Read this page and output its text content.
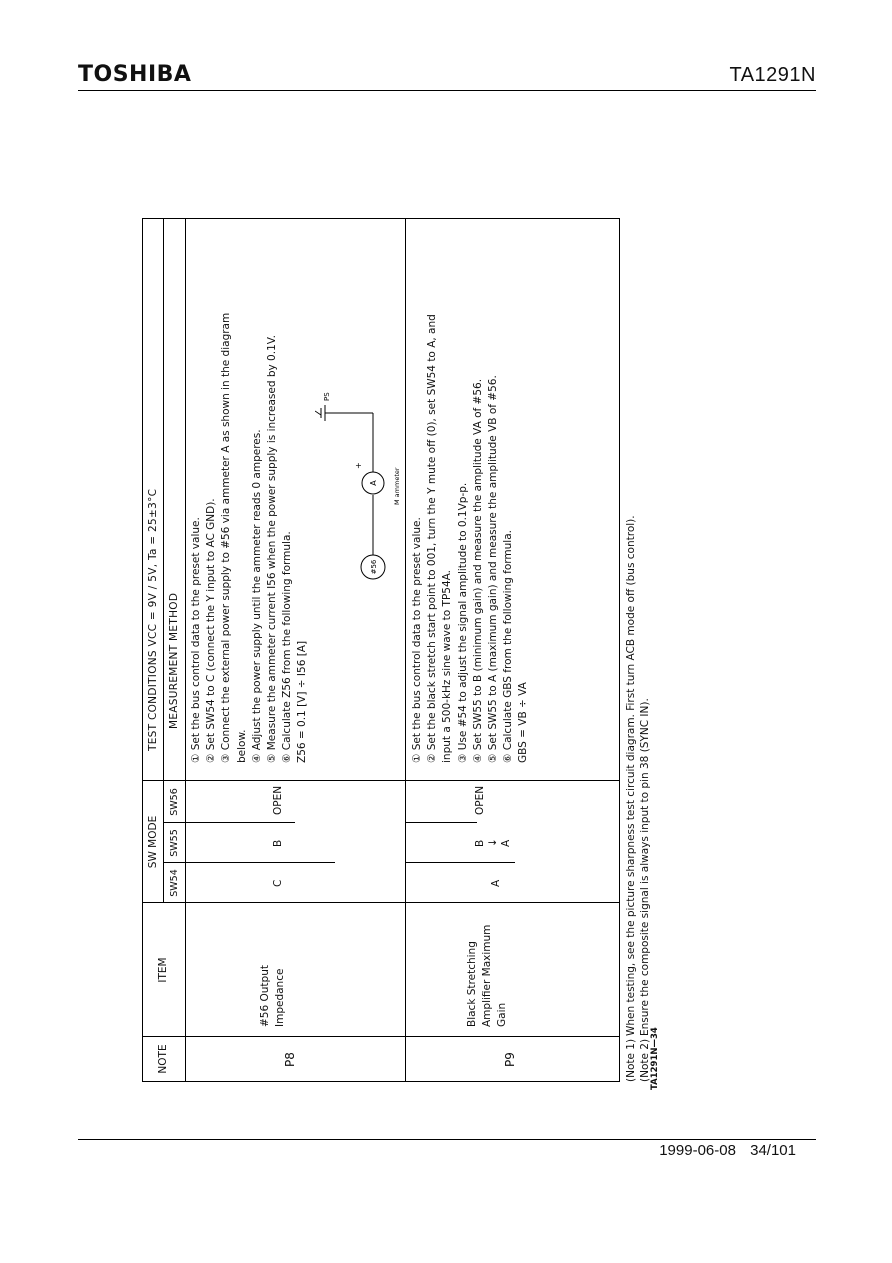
TOSHIBA	TA1291N
NOTE
ITEM
SW MODE
SW54
SW55
SW56
TEST CONDITIONS VCC = 9V / 5V, Ta = 25±3°C MEASUREMENT METHOD
P8
#56 Output Impedance
C
B
OPEN
① Set the bus control data to the preset value. ② Set SW54 to C (connect the Y input to AC GND). ③ Connect the external power supply to #56 via ammeter A as shown in the diagram below. ④ Adjust the power supply until the ammeter reads 0 amperes. ⑤ Measure the ammeter current I56 when the power supply is increased by 0.1V. ⑥ Calculate Z56 from the following formula. Z56 = 0.1 [V] ÷ I56 [A]
#56
A
+
M ammeter
PS
P9
Black Stretching Amplifier Maximum Gain
A
B ↓ A
OPEN
① Set the bus control data to the preset value. ② Set the black stretch start point to 001, turn the Y mute off (0), set SW54 to A, and input a 500-kHz sine wave to TP54A. ③ Use #54 to adjust the signal amplitude to 0.1Vp-p. ④ Set SW55 to B (minimum gain) and measure the amplitude VA of #56. ⑤ Set SW55 to A (maximum gain) and measure the amplitude VB of #56. ⑥ Calculate GBS from the following formula. GBS = VB ÷ VA
(Note 1)When testing, see the picture sharpness test circuit diagram. First turn ACB mode off (bus control).
(Note 2)Ensure the composite signal is always input to pin 38 (SYNC IN).
TA1291N—34
1999-06-08 34/101
